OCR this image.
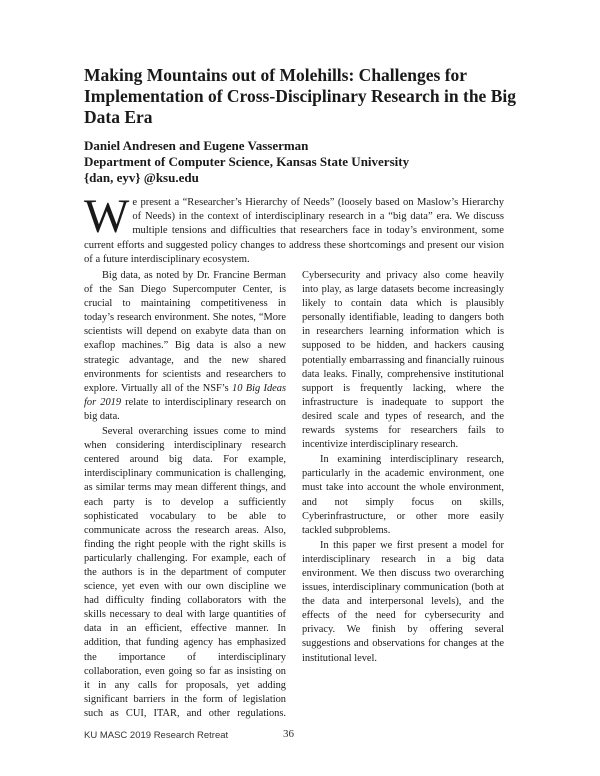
Making Mountains out of Molehills: Challenges for Implementation of Cross-Disciplinary Research in the Big Data Era
Daniel Andresen and Eugene Vasserman
Department of Computer Science, Kansas State University
{dan, eyv} @ksu.edu

We present a “Researcher’s Hierarchy of Needs” (loosely based on Maslow’s Hierarchy of Needs) in the context of interdisciplinary research in a “big data” era. We discuss multiple tensions and difficulties that researchers face in today’s environment, some current efforts and suggested policy changes to address these shortcomings and present our vision of a future interdisciplinary ecosystem.

Big data, as noted by Dr. Francine Berman of the San Diego Supercomputer Center, is crucial to maintaining competitiveness in today’s research environment. She notes, “More scientists will depend on exabyte data than on exaflop machines.” Big data is also a new strategic advantage, and the new shared environments for scientists and researchers to explore. Virtually all of the NSF’s 10 Big Ideas for 2019 relate to interdisciplinary research on big data.

Several overarching issues come to mind when considering interdisciplinary research centered around big data. For example, interdisciplinary communication is challenging, as similar terms may mean different things, and each party is to develop a sufficiently sophisticated vocabulary to be able to communicate across the research areas. Also, finding the right people with the right skills is particularly challenging. For example, each of the authors is in the department of computer science, yet even with our own discipline we had difficulty finding collaborators with the skills necessary to deal with large quantities of data in an efficient, effective manner. In addition, that funding agency has emphasized the importance of interdisciplinary collaboration, even going so far as insisting on it in any calls for proposals, yet adding significant barriers in the form of legislation such as CUI, ITAR, and other regulations. Cybersecurity and privacy also come heavily into play, as large datasets become increasingly likely to contain data which is plausibly personally identifiable, leading to dangers both in researchers learning information which is supposed to be hidden, and hackers causing potentially embarrassing and financially ruinous data leaks. Finally, comprehensive institutional support is frequently lacking, where the infrastructure is inadequate to support the desired scale and types of research, and the rewards systems for researchers fails to incentivize interdisciplinary research.

In examining interdisciplinary research, particularly in the academic environment, one must take into account the whole environment, and not simply focus on skills, Cyberinfrastructure, or other more easily tackled subproblems.

In this paper we first present a model for interdisciplinary research in a big data environment. We then discuss two overarching issues, interdisciplinary communication (both at the data and interpersonal levels), and the effects of the need for cybersecurity and privacy. We finish by offering several suggestions and observations for changes at the institutional level.

KU MASC 2019 Research Retreat	36
